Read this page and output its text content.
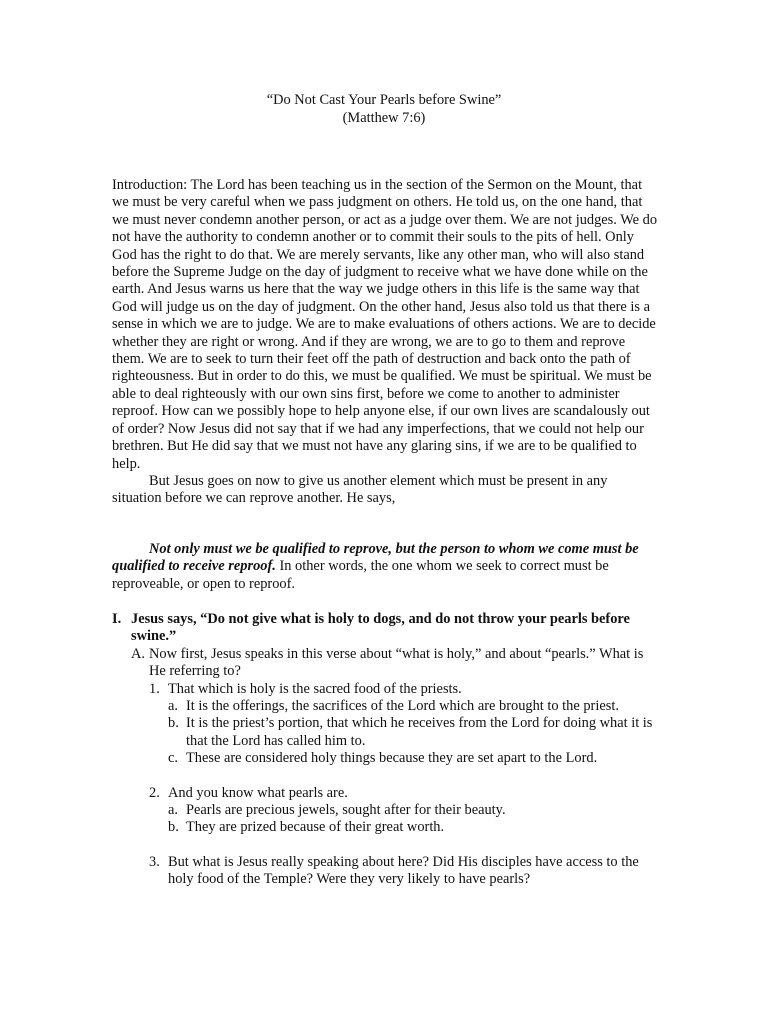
“Do Not Cast Your Pearls before Swine”
(Matthew 7:6)

Introduction: The Lord has been teaching us in the section of the Sermon on the Mount, that we must be very careful when we pass judgment on others. He told us, on the one hand, that we must never condemn another person, or act as a judge over them. We are not judges. We do not have the authority to condemn another or to commit their souls to the pits of hell. Only God has the right to do that. We are merely servants, like any other man, who will also stand before the Supreme Judge on the day of judgment to receive what we have done while on the earth. And Jesus warns us here that the way we judge others in this life is the same way that God will judge us on the day of judgment. On the other hand, Jesus also told us that there is a sense in which we are to judge. We are to make evaluations of others actions. We are to decide whether they are right or wrong. And if they are wrong, we are to go to them and reprove them. We are to seek to turn their feet off the path of destruction and back onto the path of righteousness. But in order to do this, we must be qualified. We must be spiritual. We must be able to deal righteously with our own sins first, before we come to another to administer reproof. How can we possibly hope to help anyone else, if our own lives are scandalously out of order? Now Jesus did not say that if we had any imperfections, that we could not help our brethren. But He did say that we must not have any glaring sins, if we are to be qualified to help.

But Jesus goes on now to give us another element which must be present in any situation before we can reprove another. He says,

Not only must we be qualified to reprove, but the person to whom we come must be qualified to receive reproof. In other words, the one whom we seek to correct must be reproveable, or open to reproof.

I. Jesus says, “Do not give what is holy to dogs, and do not throw your pearls before swine.”
A. Now first, Jesus speaks in this verse about “what is holy,” and about “pearls.” What is He referring to?
1. That which is holy is the sacred food of the priests.
a. It is the offerings, the sacrifices of the Lord which are brought to the priest.
b. It is the priest’s portion, that which he receives from the Lord for doing what it is that the Lord has called him to.
c. These are considered holy things because they are set apart to the Lord.
2. And you know what pearls are.
a. Pearls are precious jewels, sought after for their beauty.
b. They are prized because of their great worth.
3. But what is Jesus really speaking about here? Did His disciples have access to the holy food of the Temple? Were they very likely to have pearls?
